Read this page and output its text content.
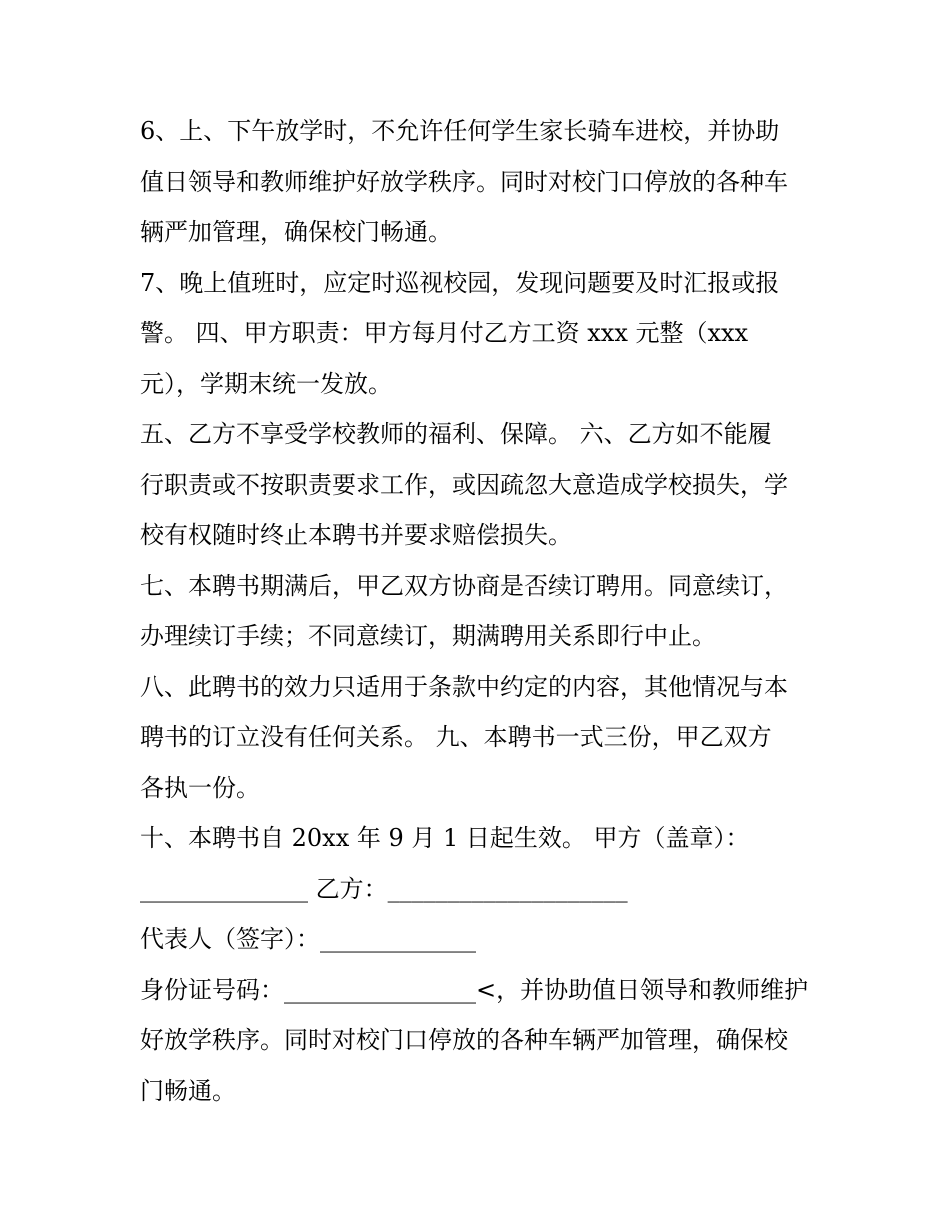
6、上、下午放学时，不允许任何学生家长骑车进校，并协助
值日领导和教师维护好放学秩序。同时对校门口停放的各种车
辆严加管理，确保校门畅通。

7、晚上值班时，应定时巡视校园，发现问题要及时汇报或报
警。 四、甲方职责：甲方每月付乙方工资 xxx 元整（xxx
元），学期末统一发放。

五、乙方不享受学校教师的福利、保障。 六、乙方如不能履
行职责或不按职责要求工作，或因疏忽大意造成学校损失，学
校有权随时终止本聘书并要求赔偿损失。

七、本聘书期满后，甲乙双方协商是否续订聘用。同意续订，
办理续订手续；不同意续订，期满聘用关系即行中止。

八、此聘书的效力只适用于条款中约定的内容，其他情况与本
聘书的订立没有任何关系。 九、本聘书一式三份，甲乙双方
各执一份。

十、本聘书自 20xx 年 9 月 1 日起生效。 甲方（盖章）：
______________ 乙方：____________________

代表人（签字）：_____________

身份证号码：________________<，并协助值日领导和教师维护
好放学秩序。同时对校门口停放的各种车辆严加管理，确保校
门畅通。
